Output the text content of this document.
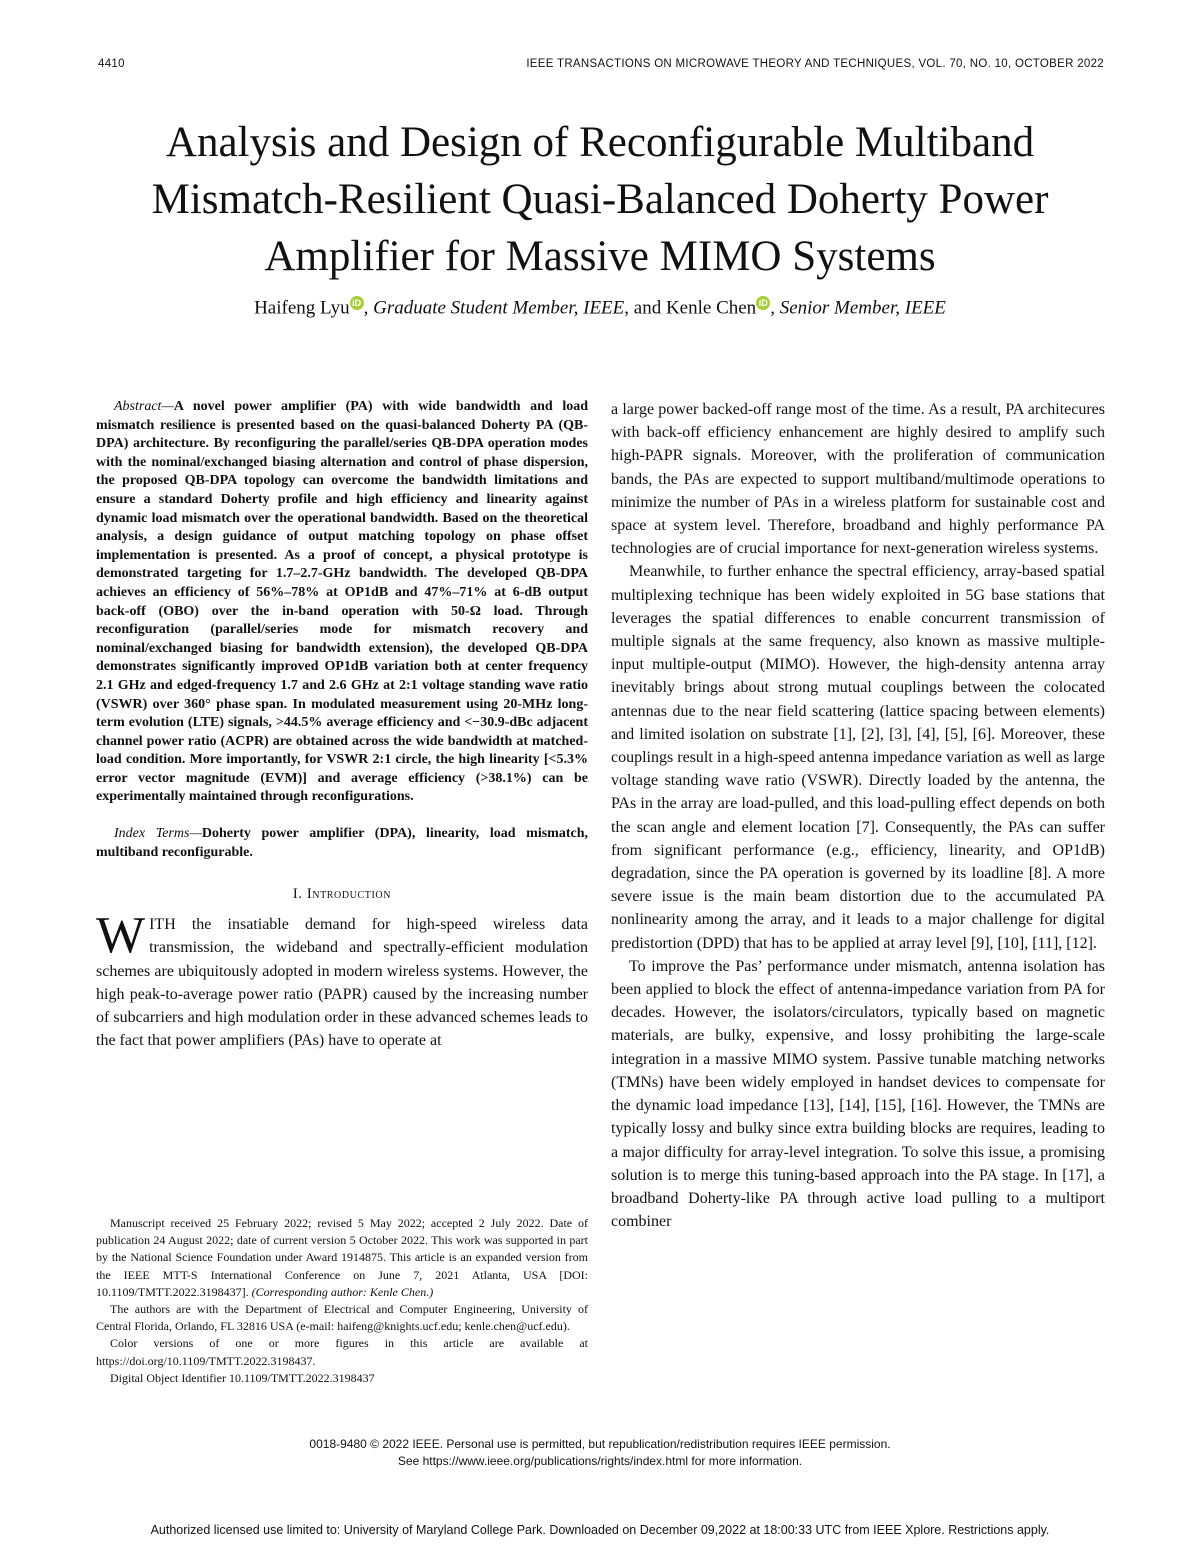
4410	IEEE TRANSACTIONS ON MICROWAVE THEORY AND TECHNIQUES, VOL. 70, NO. 10, OCTOBER 2022
Analysis and Design of Reconfigurable Multiband Mismatch-Resilient Quasi-Balanced Doherty Power Amplifier for Massive MIMO Systems
Haifeng Lyu iD , Graduate Student Member, IEEE, and Kenle Chen iD , Senior Member, IEEE

Abstract—A novel power amplifier (PA) with wide bandwidth and load mismatch resilience is presented based on the quasi-balanced Doherty PA (QB-DPA) architecture. By reconfiguring the parallel/series QB-DPA operation modes with the nominal/exchanged biasing alternation and control of phase dispersion, the proposed QB-DPA topology can overcome the bandwidth limitations and ensure a standard Doherty profile and high efficiency and linearity against dynamic load mismatch over the operational bandwidth. Based on the theoretical analysis, a design guidance of output matching topology on phase offset implementation is presented. As a proof of concept, a physical prototype is demonstrated targeting for 1.7–2.7-GHz bandwidth. The developed QB-DPA achieves an efficiency of 56%–78% at OP1dB and 47%–71% at 6-dB output back-off (OBO) over the in-band operation with 50-Ω load. Through reconfiguration (parallel/series mode for mismatch recovery and nominal/exchanged biasing for bandwidth extension), the developed QB-DPA demonstrates significantly improved OP1dB variation both at center frequency 2.1 GHz and edged-frequency 1.7 and 2.6 GHz at 2:1 voltage standing wave ratio (VSWR) over 360° phase span. In modulated measurement using 20-MHz long-term evolution (LTE) signals, >44.5% average efficiency and <−30.9-dBc adjacent channel power ratio (ACPR) are obtained across the wide bandwidth at matched-load condition. More importantly, for VSWR 2:1 circle, the high linearity [<5.3% error vector magnitude (EVM)] and average efficiency (>38.1%) can be experimentally maintained through reconfigurations.

Index Terms—Doherty power amplifier (DPA), linearity, load mismatch, multiband reconfigurable.

I. Introduction

WITH the insatiable demand for high-speed wireless data transmission, the wideband and spectrally-efficient modulation schemes are ubiquitously adopted in modern wireless systems. However, the high peak-to-average power ratio (PAPR) caused by the increasing number of subcarriers and high modulation order in these advanced schemes leads to the fact that power amplifiers (PAs) have to operate at

Manuscript received 25 February 2022; revised 5 May 2022; accepted 2 July 2022. Date of publication 24 August 2022; date of current version 5 October 2022. This work was supported in part by the National Science Foundation under Award 1914875. This article is an expanded version from the IEEE MTT-S International Conference on June 7, 2021 Atlanta, USA [DOI: 10.1109/TMTT.2022.3198437]. (Corresponding author: Kenle Chen.)

The authors are with the Department of Electrical and Computer Engineering, University of Central Florida, Orlando, FL 32816 USA (e-mail: haifeng@knights.ucf.edu; kenle.chen@ucf.edu).

Color versions of one or more figures in this article are available at https://doi.org/10.1109/TMTT.2022.3198437.

Digital Object Identifier 10.1109/TMTT.2022.3198437

a large power backed-off range most of the time. As a result, PA architecures with back-off efficiency enhancement are highly desired to amplify such high-PAPR signals. Moreover, with the proliferation of communication bands, the PAs are expected to support multiband/multimode operations to minimize the number of PAs in a wireless platform for sustainable cost and space at system level. Therefore, broadband and highly performance PA technologies are of crucial importance for next-generation wireless systems.

Meanwhile, to further enhance the spectral efficiency, array-based spatial multiplexing technique has been widely exploited in 5G base stations that leverages the spatial differences to enable concurrent transmission of multiple signals at the same frequency, also known as massive multiple-input multiple-output (MIMO). However, the high-density antenna array inevitably brings about strong mutual couplings between the colocated antennas due to the near field scattering (lattice spacing between elements) and limited isolation on substrate [1], [2], [3], [4], [5], [6]. Moreover, these couplings result in a high-speed antenna impedance variation as well as large voltage standing wave ratio (VSWR). Directly loaded by the antenna, the PAs in the array are load-pulled, and this load-pulling effect depends on both the scan angle and element location [7]. Consequently, the PAs can suffer from significant performance (e.g., efficiency, linearity, and OP1dB) degradation, since the PA operation is governed by its loadline [8]. A more severe issue is the main beam distortion due to the accumulated PA nonlinearity among the array, and it leads to a major challenge for digital predistortion (DPD) that has to be applied at array level [9], [10], [11], [12].

To improve the Pas’ performance under mismatch, antenna isolation has been applied to block the effect of antenna-impedance variation from PA for decades. However, the isolators/circulators, typically based on magnetic materials, are bulky, expensive, and lossy prohibiting the large-scale integration in a massive MIMO system. Passive tunable matching networks (TMNs) have been widely employed in handset devices to compensate for the dynamic load impedance [13], [14], [15], [16]. However, the TMNs are typically lossy and bulky since extra building blocks are requires, leading to a major difficulty for array-level integration. To solve this issue, a promising solution is to merge this tuning-based approach into the PA stage. In [17], a broadband Doherty-like PA through active load pulling to a multiport combiner

0018-9480 © 2022 IEEE. Personal use is permitted, but republication/redistribution requires IEEE permission.
See https://www.ieee.org/publications/rights/index.html for more information.
Authorized licensed use limited to: University of Maryland College Park. Downloaded on December 09,2022 at 18:00:33 UTC from IEEE Xplore. Restrictions apply.
